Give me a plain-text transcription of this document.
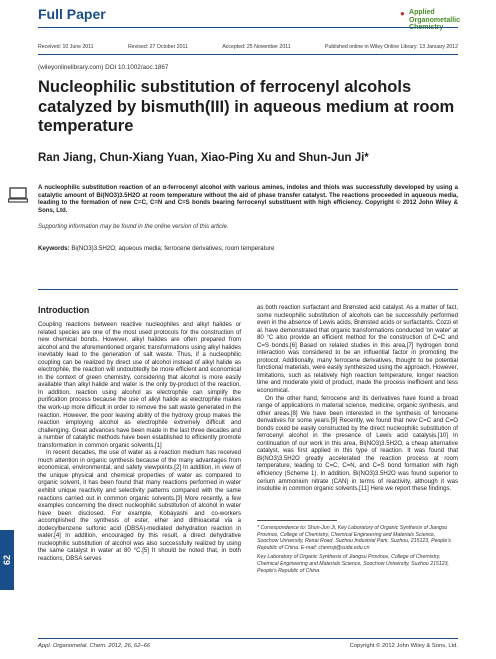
Full Paper	● Applied
Organometallic
Received: 10 June 2011	Revised: 27 October 2011	Accepted: 25 November 2011	Published online in Wiley Online Library: 13 January 2012
(wileyonlinelibrary.com) DOI 10.1002/aoc.1867
Nucleophilic substitution of ferrocenyl alcohols catalyzed by bismuth(III) in aqueous medium at room temperature
Ran Jiang, Chun-Xiang Yuan, Xiao-Ping Xu and Shun-Jun Ji*
A nucleophilic substitution reaction of an α-ferrocenyl alcohol with various amines, indoles and thiols was successfully developed by using a catalytic amount of Bi(NO3)3.5H2O at room temperature without the aid of phase transfer catalyst. The reactions proceeded in aqueous media, leading to the formation of new C=C, C=N and C=S bonds bearing ferrocenyl substituent with high efficiency. Copyright © 2012 John Wiley & Sons, Ltd.
Supporting information may be found in the online version of this article.
Keywords: Bi(NO3)3.5H2O; aqueous media; ferrocene derivatives; room temperature
Introduction

Coupling reactions between reactive nucleophiles and alkyl halides or related species are one of the most used protocols for the construction of new chemical bonds. However, alkyl halides are often prepared from alcohol and the aforementioned organic transformations using alkyl halides inevitably lead to the generation of salt waste. Thus, if a nucleophilic coupling can be realized by direct use of alcohol instead of alkyl halide as electrophile, the reaction will undoubtedly be more efficient and economical in the context of green chemistry, considering that alcohol is more easily available than alkyl halide and water is the only by-product of the reaction. In addition, reaction using alcohol as electrophile can simplify the purification process because the use of alkyl halide as electrophile makes the work-up more difficult in order to remove the salt waste generated in the reaction. However, the poor leaving ability of the hydroxy group makes the reaction employing alcohol as electrophile extremely difficult and challenging. Great advances have been made in the last three decades and a number of catalytic methods have been established to efficiently promote transformation in common organic solvents.[1]

In recent decades, the use of water as a reaction medium has received much attention in organic synthesis because of the many advantages from economical, environmental, and safety viewpoints.[2] In addition, in view of the unique physical and chemical properties of water as compared to organic solvent, it has been found that many reactions performed in water exhibit unique reactivity and selectivity patterns compared with the same reactions carried out in common organic solvents.[3] More recently, a few examples concerning the direct nucleophilic substitution of alcohol in water have been disclosed. For example, Kobayashi and co-workers accomplished the synthesis of ester, ether and dithioacetal via a dodecylbenzene sulfonic acid (DBSA)-mediated dehydration reaction in water.[4] In addition, encouraged by this result, a direct dehydrative nucleophilic substitution of alcohol was also successfully realized by using the same catalyst in water at 80 °C.[5] It should be noted that, in both reactions, DBSA serves

as both reaction surfactant and Brønsted acid catalyst. As a matter of fact, some nucleophilic substitution of alcohols can be successfully performed even in the absence of Lewis acids, Brønsted acids or surfactants. Cozzi et al. have demonstrated that organic transformations conducted 'on water' at 80 °C also provide an efficient method for the construction of C=C and C=S bonds.[6] Based on related studies in this area,[7] hydrogen bond interaction was considered to be an influential factor in promoting the protocol. Additionally, many ferrocene derivatives, thought to be potential functional materials, were easily synthesized using the approach. However, limitations, such as relatively high reaction temperature, longer reaction time and moderate yield of product, made the process inefficient and less economical.

On the other hand, ferrocene and its derivatives have found a broad range of applications in material science, medicine, organic synthesis, and other areas.[8] We have been interested in the synthesis of ferrocene derivatives for some years.[9] Recently, we found that new C=C and C=O bonds could be easily constructed by the direct nucleophilic substitution of ferrocenyl alcohol in the presence of Lewis acid catalysis.[10] In continuation of our work in this area, Bi(NO3)3.5H2O, a cheap alternative catalyst, was first applied in this type of reaction. It was found that Bi(NO3)3.5H2O greatly accelerated the reaction process at room temperature, leading to C=C, C=N, and C=S bond formation with high efficiency (Scheme 1). In addition, Bi(NO3)3.5H2O was found superior to cerium ammonium nitrate (CAN) in terms of reactivity, although it was insoluble in common organic solvents.[11] Here we report these findings.

* Correspondence to: Shun-Jun Ji, Key Laboratory of Organic Synthesis of Jiangsu Province, College of Chemistry, Chemical Engineering and Materials Science, Soochow University, Renai Road, Suzhou Industrial Park, Suzhou, 215123, People's Republic of China. E-mail: chemsji@suda.edu.cn

Key Laboratory of Organic Synthesis of Jiangsu Province, College of Chemistry, Chemical Engineering and Materials Science, Soochow University, Suzhou 215123, People's Republic of China

62
Appl. Organometal. Chem. 2012, 26, 62–66	Copyright © 2012 John Wiley & Sons, Ltd.
